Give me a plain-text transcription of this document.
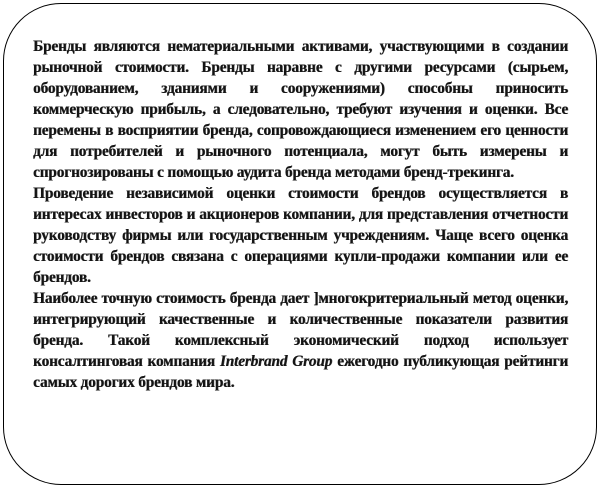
Бренды являются нематериальными активами, участвующими в создании рыночной стоимости. Бренды наравне с другими ресурсами (сырьем, оборудованием, зданиями и сооружениями) способны приносить коммерческую прибыль, а следовательно, требуют изучения и оценки. Все перемены в восприятии бренда, сопровождающиеся изменением его ценности для потребителей и рыночного потенциала, могут быть измерены и спрогнозированы с помощью аудита бренда методами бренд-трекинга.

Проведение независимой оценки стоимости брендов осуществляется в интересах инвесторов и акционеров компании, для представления отчетности руководству фирмы или государственным учреждениям. Чаще всего оценка стоимости брендов связана с операциями купли-продажи компании или ее брендов.

Наиболее точную стоимость бренда дает ]многокритериальный метод оценки, интегрирующий качественные и количественные показатели развития бренда. Такой комплексный экономический подход использует консалтинговая компания Interbrand Group ежегодно публикующая рейтинги самых дорогих брендов мира.
